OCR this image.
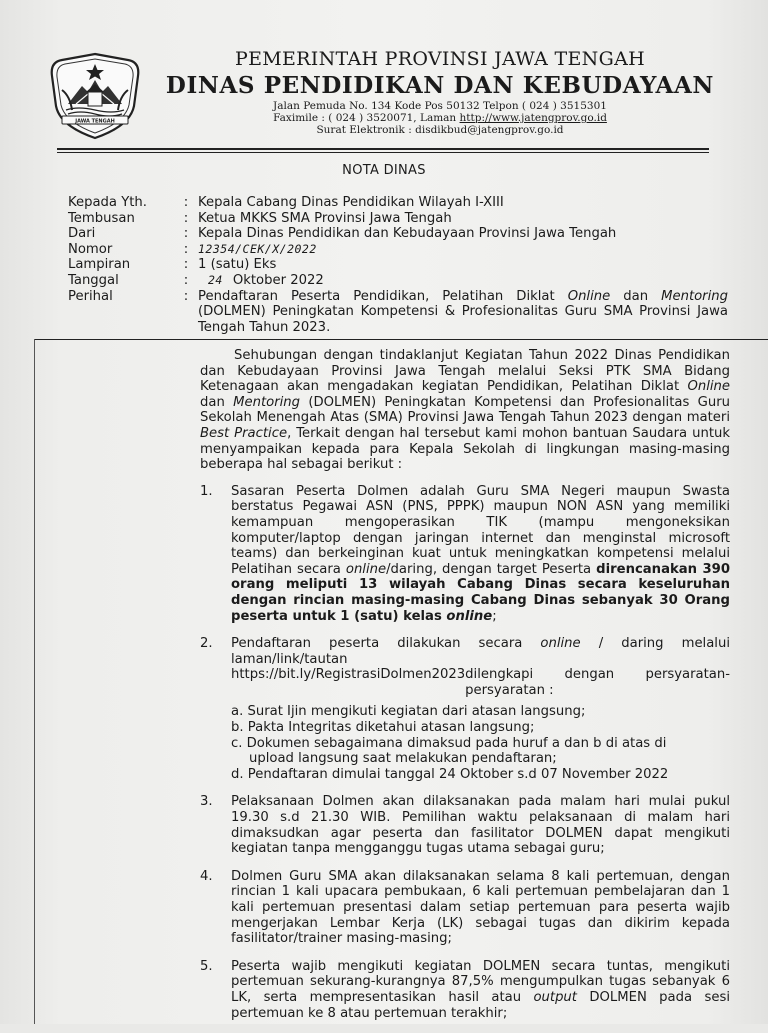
JAWA TENGAH
PEMERINTAH PROVINSI JAWA TENGAH
DINAS PENDIDIKAN DAN KEBUDAYAAN
Jalan Pemuda No. 134 Kode Pos 50132 Telpon ( 024 ) 3515301
Faximile : ( 024 ) 3520071, Laman http://www.jatengprov.go.id
Surat Elektronik : disdikbud@jatengprov.go.id
NOTA DINAS
Kepada Yth.	: Kepala Cabang Dinas Pendidikan Wilayah I-XIII
Tembusan	: Ketua MKKS SMA Provinsi Jawa Tengah
Dari	: Kepala Dinas Pendidikan dan Kebudayaan Provinsi Jawa Tengah
Nomor	: 12354/CEK/X/2022
Lampiran	: 1 (satu) Eks
Tanggal	:	24 Oktober 2022
Perihal	: Pendaftaran Peserta Pendidikan, Pelatihan Diklat Online dan Mentoring (DOLMEN) Peningkatan Kompetensi & Profesionalitas Guru SMA Provinsi Jawa Tengah Tahun 2023.

Sehubungan dengan tindaklanjut Kegiatan Tahun 2022 Dinas Pendidikan dan Kebudayaan Provinsi Jawa Tengah melalui Seksi PTK SMA Bidang Ketenagaan akan mengadakan kegiatan Pendidikan, Pelatihan Diklat Online dan Mentoring (DOLMEN) Peningkatan Kompetensi dan Profesionalitas Guru Sekolah Menengah Atas (SMA) Provinsi Jawa Tengah Tahun 2023 dengan materi Best Practice, Terkait dengan hal tersebut kami mohon bantuan Saudara untuk menyampaikan kepada para Kepala Sekolah di lingkungan masing-masing beberapa hal sebagai berikut :

1. Sasaran Peserta Dolmen adalah Guru SMA Negeri maupun Swasta berstatus Pegawai ASN (PNS, PPPK) maupun NON ASN yang memiliki kemampuan mengoperasikan TIK (mampu mengoneksikan komputer/laptop dengan jaringan internet dan menginstal microsoft teams) dan berkeinginan kuat untuk meningkatkan kompetensi melalui Pelatihan secara online/daring, dengan target Peserta direncanakan 390 orang meliputi 13 wilayah Cabang Dinas secara keseluruhan dengan rincian masing-masing Cabang Dinas sebanyak 30 Orang peserta untuk 1 (satu) kelas online;
2. Pendaftaran peserta dilakukan secara online / daring melalui laman/link/tautan
https://bit.ly/RegistrasiDolmen2023 dilengkapi dengan persyaratan-persyaratan :
a. Surat Ijin mengikuti kegiatan dari atasan langsung;
b. Pakta Integritas diketahui atasan langsung;
c. Dokumen sebagaimana dimaksud pada huruf a dan b di atas di
upload langsung saat melakukan pendaftaran;
d. Pendaftaran dimulai tanggal 24 Oktober s.d 07 November 2022
3. Pelaksanaan Dolmen akan dilaksanakan pada malam hari mulai pukul 19.30 s.d 21.30 WIB. Pemilihan waktu pelaksanaan di malam hari dimaksudkan agar peserta dan fasilitator DOLMEN dapat mengikuti kegiatan tanpa mengganggu tugas utama sebagai guru;
4. Dolmen Guru SMA akan dilaksanakan selama 8 kali pertemuan, dengan rincian 1 kali upacara pembukaan, 6 kali pertemuan pembelajaran dan 1 kali pertemuan presentasi dalam setiap pertemuan para peserta wajib mengerjakan Lembar Kerja (LK) sebagai tugas dan dikirim kepada fasilitator/trainer masing-masing;
5. Peserta wajib mengikuti kegiatan DOLMEN secara tuntas, mengikuti pertemuan sekurang-kurangnya 87,5% mengumpulkan tugas sebanyak 6 LK, serta mempresentasikan hasil atau output DOLMEN pada sesi pertemuan ke 8 atau pertemuan terakhir;
